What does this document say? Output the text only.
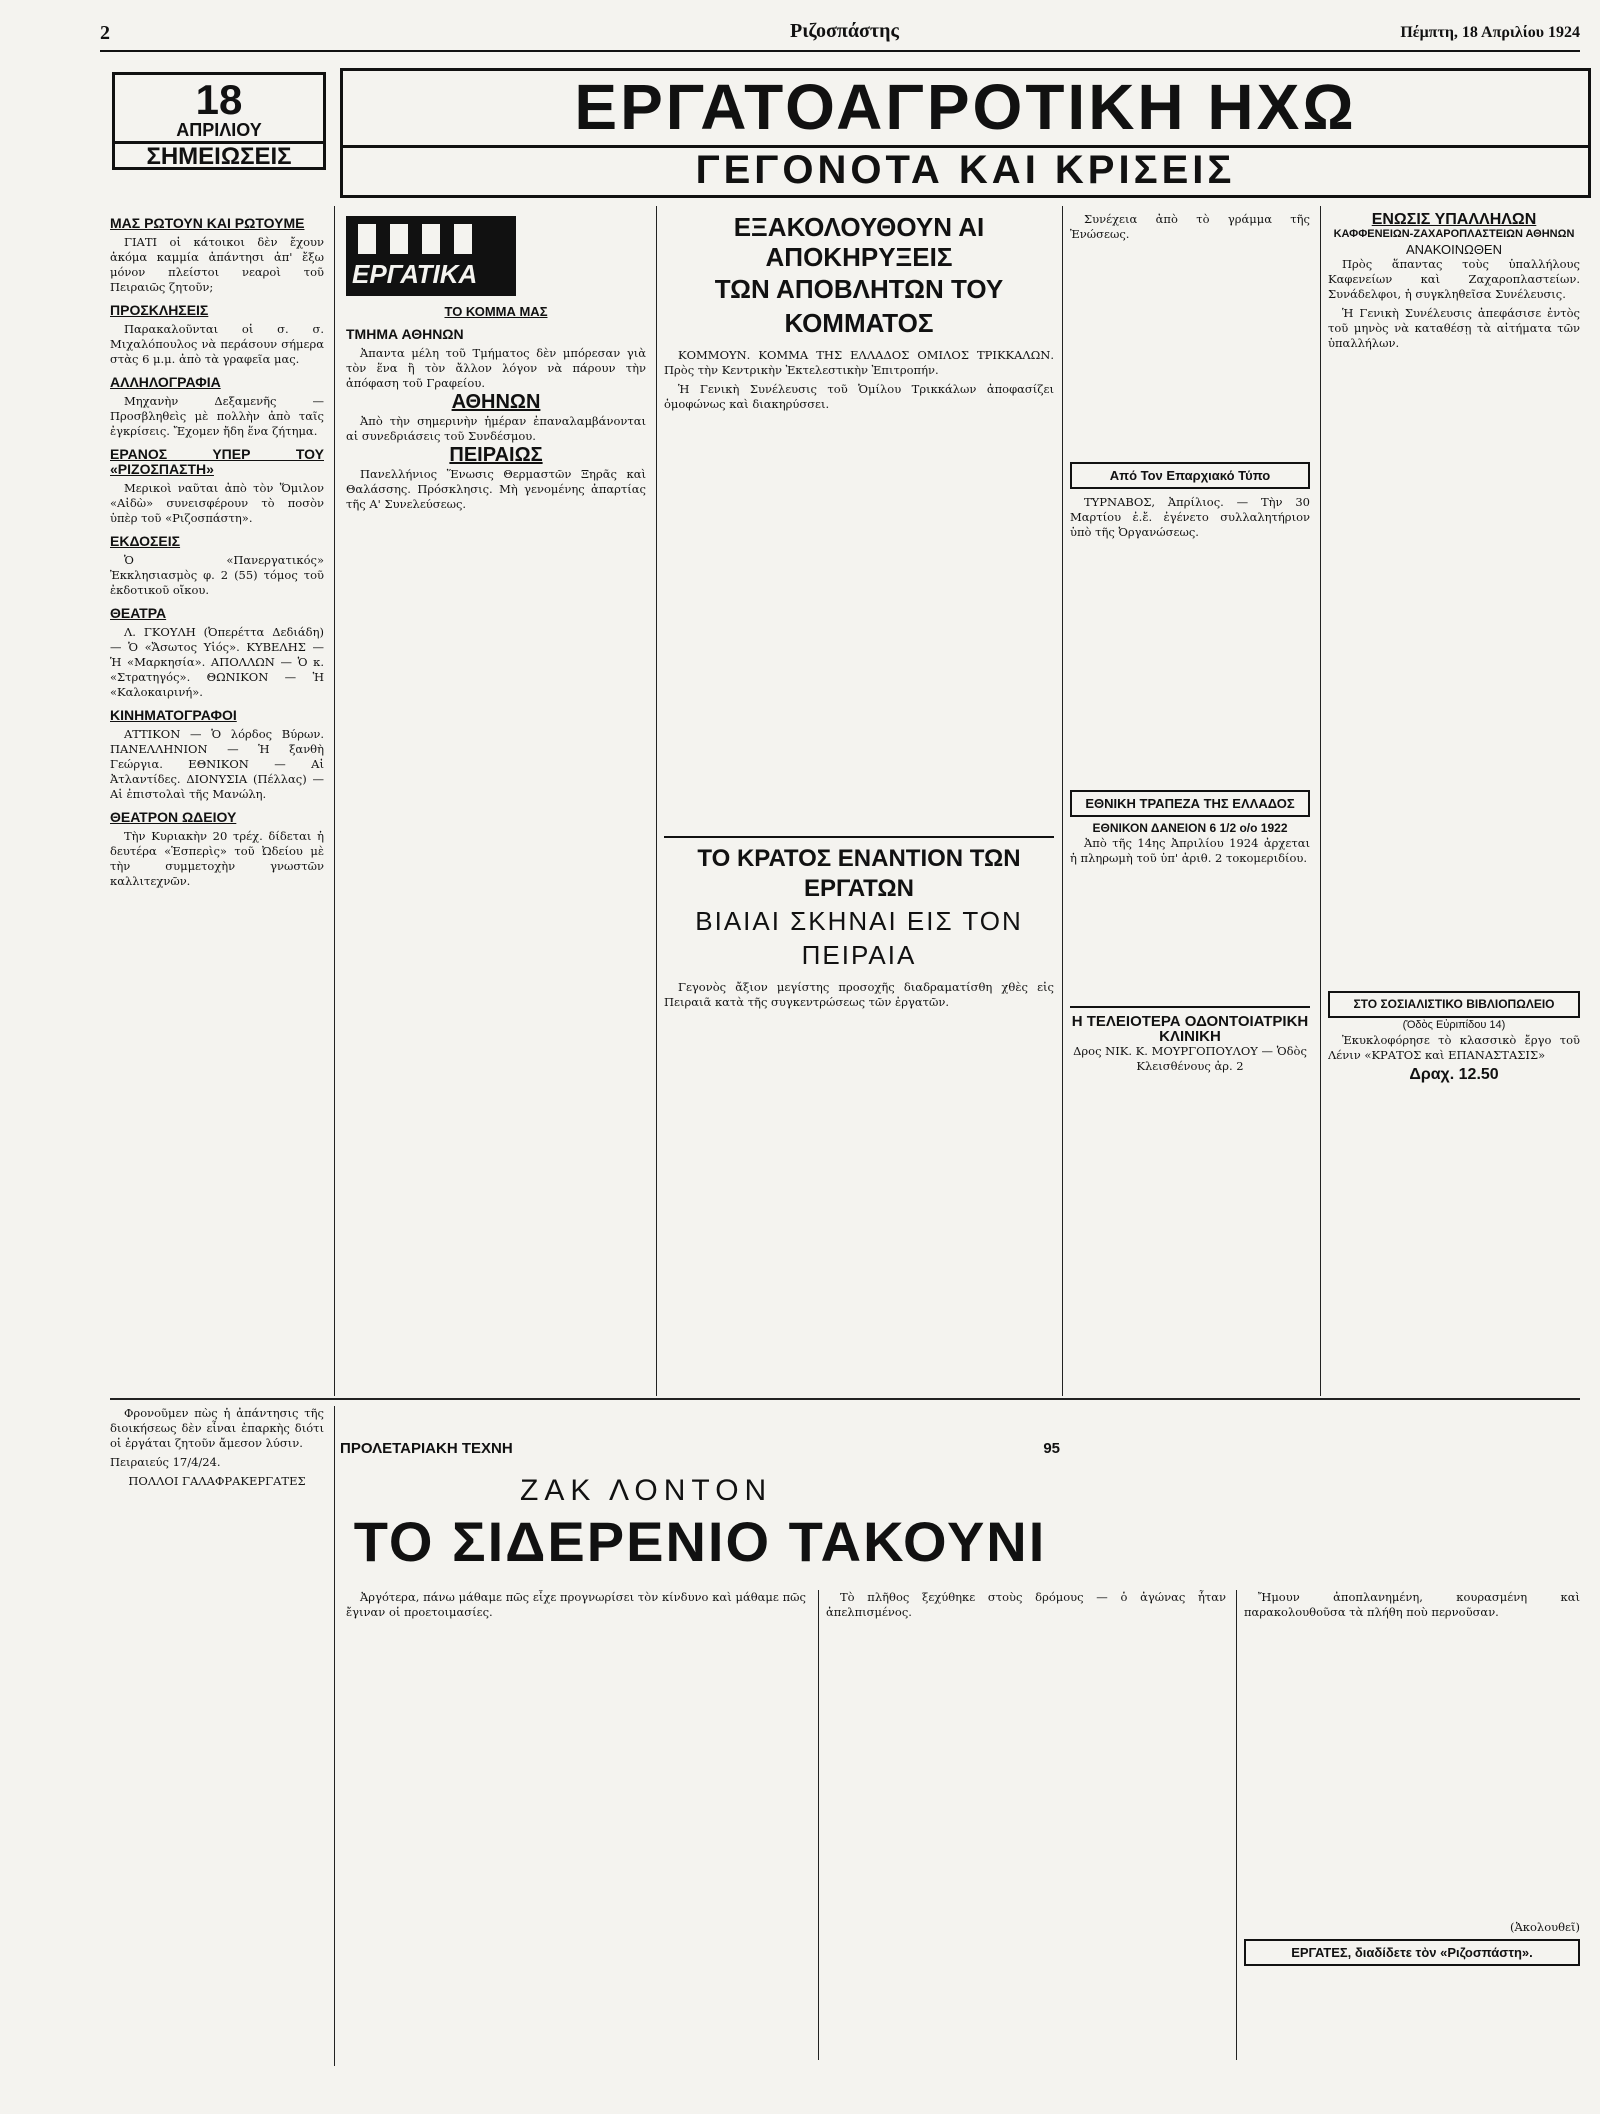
2	Ριζοσπάστης	Πέμπτη, 18 Απριλίου 1924
18
ΑΠΡΙΛΙΟΥ
ΣΗΜΕΙΩΣΕΙΣ
ΕΡΓΑΤΟΑΓΡΟΤΙΚΗ ΗΧΩ
ΓΕΓΟΝΟΤΑ ΚΑΙ ΚΡΙΣΕΙΣ
ΜΑΣ ΡΩΤΟΥΝ ΚΑΙ ΡΩΤΟΥΜΕ

ΓΙΑΤΙ οἱ κάτοικοι δὲν ἔχουν ἀκόμα καμμία ἀπάντησι ἀπ' ἔξω μόνον πλείστοι νεαροὶ τοῦ Πειραιῶς ζητοῦν;

ΠΡΟΣΚΛΗΣΕΙΣ

Παρακαλοῦνται οἱ σ. σ. Μιχαλόπουλος νὰ περάσουν σήμερα στὰς 6 μ.μ. ἀπὸ τὰ γραφεῖα μας.

ΑΛΛΗΛΟΓΡΑΦΙΑ

Μηχανὴν Δεξαμενῆς — Προσβληθεὶς μὲ πολλὴν ἀπὸ ταῖς ἐγκρίσεις. Ἔχομεν ἤδη ἕνα ζήτημα.

ΕΡΑΝΟΣ ΥΠΕΡ ΤΟΥ «ΡΙΖΟΣΠΑΣΤΗ»

Μερικοὶ ναῦται ἀπὸ τὸν Ὅμιλον «Αἰδὼ» συνεισφέρουν τὸ ποσὸν ὑπὲρ τοῦ «Ριζοσπάστη».

ΕΚΔΟΣΕΙΣ

Ὁ «Πανεργατικός» Ἐκκλησιασμὸς φ. 2 (55) τόμος τοῦ ἐκδοτικοῦ οἴκου.

ΘΕΑΤΡΑ

Λ. ΓΚΟΥΛΗ (Ὀπερέττα Δεδιάδη) — Ὁ «Ἄσωτος Υἱός». ΚΥΒΕΛΗΣ — Ἡ «Μαρκησία». ΑΠΟΛΛΩΝ — Ὁ κ. «Στρατηγός». ΘΩΝΙΚΟΝ — Ἡ «Καλοκαιρινή».

ΚΙΝΗΜΑΤΟΓΡΑΦΟΙ

ΑΤΤΙΚΟΝ — Ὁ λόρδος Βύρων. ΠΑΝΕΛΛΗΝΙΟΝ — Ἡ ξανθὴ Γεώργια. ΕΘΝΙΚΟΝ — Αἱ Ἀτλαντίδες. ΔΙΟΝΥΣΙΑ (Πέλλας) — Αἱ ἐπιστολαὶ τῆς Μανώλη.

ΘΕΑΤΡΟΝ ΩΔΕΙΟΥ

Τὴν Κυριακὴν 20 τρέχ. δίδεται ἡ δευτέρα «Ἑσπερὶς» τοῦ Ὠδείου μὲ τὴν συμμετοχὴν γνωστῶν καλλιτεχνῶν.

ΕΡΓΑΤΙΚΑ
ΤΟ ΚΟΜΜΑ ΜΑΣ
ΤΜΗΜΑ ΑΘΗΝΩΝ

Ἀπαντα μέλη τοῦ Τμήματος δὲν μπόρεσαν γιὰ τὸν ἕνα ἢ τὸν ἄλλον λόγον νὰ πάρουν τὴν ἀπόφαση τοῦ Γραφείου.

ΑΘΗΝΩΝ

Ἀπὸ τὴν σημερινὴν ἡμέραν ἐπαναλαμβάνονται αἱ συνεδριάσεις τοῦ Συνδέσμου.

ΠΕΙΡΑΙΩΣ

Πανελλήνιος Ἕνωσις Θερμαστῶν Ξηρᾶς καὶ Θαλάσσης. Πρόσκλησις. Μὴ γενομένης ἀπαρτίας τῆς Α' Συνελεύσεως.

ΕΞΑΚΟΛΟΥΘΟΥΝ ΑΙ ΑΠΟΚΗΡΥΞΕΙΣ
ΤΩΝ ΑΠΟΒΛΗΤΩΝ ΤΟΥ ΚΟΜΜΑΤΟΣ

ΚΟΜΜΟΥΝ. ΚΟΜΜΑ ΤΗΣ ΕΛΛΑΔΟΣ ΟΜΙΛΟΣ ΤΡΙΚΚΑΛΩΝ. Πρὸς τὴν Κεντρικὴν Ἐκτελεστικὴν Ἐπιτροπήν.

Ἡ Γενικὴ Συνέλευσις τοῦ Ὁμίλου Τρικκάλων ἀποφασίζει ὁμοφώνως καὶ διακηρύσσει.

ΤΟ ΚΡΑΤΟΣ ΕΝΑΝΤΙΟΝ ΤΩΝ ΕΡΓΑΤΩΝ
ΒΙΑΙΑΙ ΣΚΗΝΑΙ ΕΙΣ ΤΟΝ ΠΕΙΡΑΙΑ

Γεγονὸς ἄξιον μεγίστης προσοχῆς διαδραματίσθη χθὲς εἰς Πειραιᾶ κατὰ τῆς συγκεντρώσεως τῶν ἐργατῶν.

Συνέχεια ἀπὸ τὸ γράμμα τῆς Ἐνώσεως.

Από Τον Επαρχιακό Τύπο

ΤΥΡΝΑΒΟΣ, Ἀπρίλιος. — Τὴν 30 Μαρτίου ἐ.ἔ. ἐγένετο συλλαλητήριον ὑπὸ τῆς Ὀργανώσεως.

ΕΘΝΙΚΗ ΤΡΑΠΕΖΑ ΤΗΣ ΕΛΛΑΔΟΣ
ΕΘΝΙΚΟΝ ΔΑΝΕΙΟΝ 6 1/2 ο/ο 1922

Ἀπὸ τῆς 14ης Ἀπριλίου 1924 ἀρχεται ἡ πληρωμὴ τοῦ ὑπ' ἀριθ. 2 τοκομεριδίου.

Η ΤΕΛΕΙΟΤΕΡΑ ΟΔΟΝΤΟΙΑΤΡΙΚΗ ΚΛΙΝΙΚΗ

Δρος ΝΙΚ. Κ. ΜΟΥΡΓΟΠΟΥΛΟΥ — Ὁδὸς Κλεισθένους ἀρ. 2

ΕΝΩΣΙΣ ΥΠΑΛΛΗΛΩΝ
ΚΑΦΦΕΝΕΙΩΝ-ΖΑΧΑΡΟΠΛΑΣΤΕΙΩΝ ΑΘΗΝΩΝ
ΑΝΑΚΟΙΝΩΘΕΝ

Πρὸς ἅπαντας τοὺς ὑπαλλήλους Καφενείων καὶ Ζαχαροπλαστείων. Συνάδελφοι, ἡ συγκληθεῖσα Συνέλευσις.

Ἡ Γενικὴ Συνέλευσις ἀπεφάσισε ἐντὸς τοῦ μηνὸς νὰ καταθέσῃ τὰ αἰτήματα τῶν ὑπαλλήλων.

ΣΤΟ ΣΟΣΙΑΛΙΣΤΙΚΟ ΒΙΒΛΙΟΠΩΛΕΙΟ
(Ὁδὸς Εὐριπίδου 14)

Ἐκυκλοφόρησε τὸ κλασσικὸ ἔργο τοῦ Λένιν «ΚΡΑΤΟΣ καὶ ΕΠΑΝΑΣΤΑΣΙΣ»

Δραχ. 12.50

Φρονοῦμεν πὼς ἡ ἀπάντησις τῆς διοικήσεως δὲν εἶναι ἐπαρκὴς διότι οἱ ἐργάται ζητοῦν ἄμεσον λύσιν.

Πειραιεύς 17/4/24.

ΠΟΛΛΟΙ ΓΑΛΑΦΡΑΚΕΡΓΑΤΕΣ

ΠΡΟΛΕΤΑΡΙΑΚΗ ΤΕΧΝΗ	95
ΖΑΚ ΛΟΝΤΟΝ
ΤΟ ΣΙΔΕΡΕΝΙΟ ΤΑΚΟΥΝΙ

Ἀργότερα, πάνω μάθαμε πῶς εἶχε προγνωρίσει τὸν κίνδυνο καὶ μάθαμε πῶς ἔγιναν οἱ προετοιμασίες.

Τὸ πλῆθος ξεχύθηκε στοὺς δρόμους — ὁ ἀγώνας ἦταν ἀπελπισμένος.

Ἤμουν ἀποπλανημένη, κουρασμένη καὶ παρακολουθοῦσα τὰ πλήθη ποὺ περνοῦσαν.

(Ἀκολουθεῖ)

ΕΡΓΑΤΕΣ, διαδίδετε τὸν «Ριζοσπάστη».
